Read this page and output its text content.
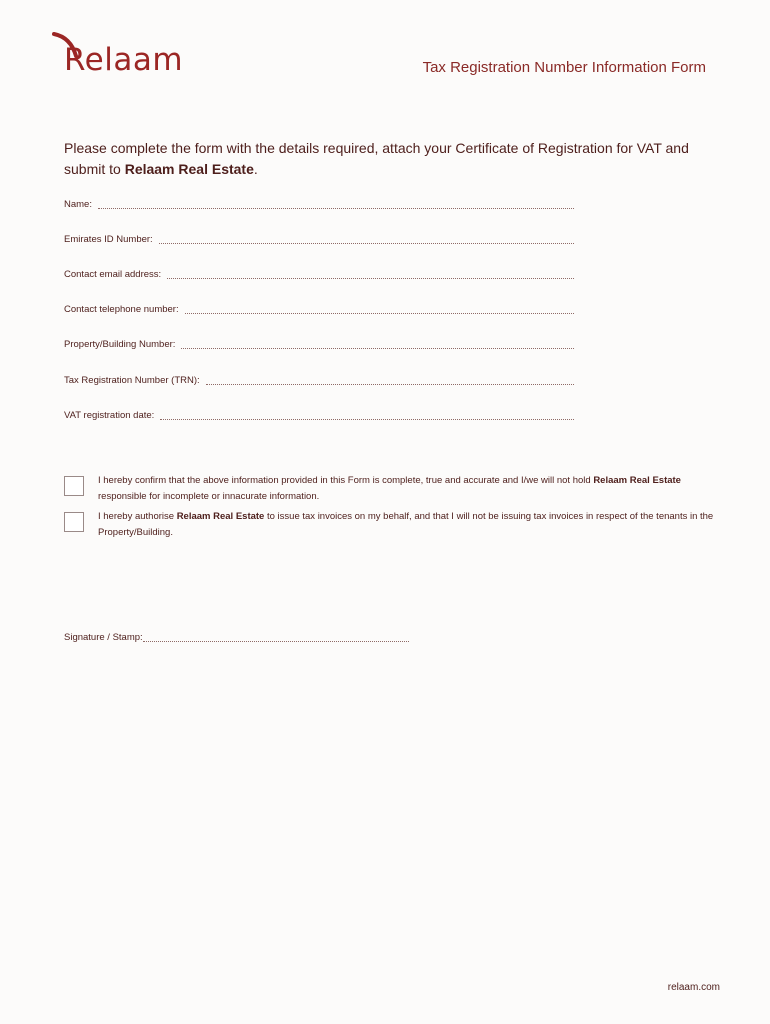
Relaam	Tax Registration Number Information Form
Please complete the form with the details required, attach your Certificate of Registration for VAT and submit to Relaam Real Estate.
Name:
Emirates ID Number:
Contact email address:
Contact telephone number:
Property/Building Number:
Tax Registration Number (TRN):
VAT registration date:
I hereby confirm that the above information provided in this Form is complete, true and accurate and I/we will not hold Relaam Real Estate responsible for incomplete or innacurate information.
I hereby authorise Relaam Real Estate to issue tax invoices on my behalf, and that I will not be issuing tax invoices in respect of the tenants in the Property/Building.
Signature / Stamp:
relaam.com
